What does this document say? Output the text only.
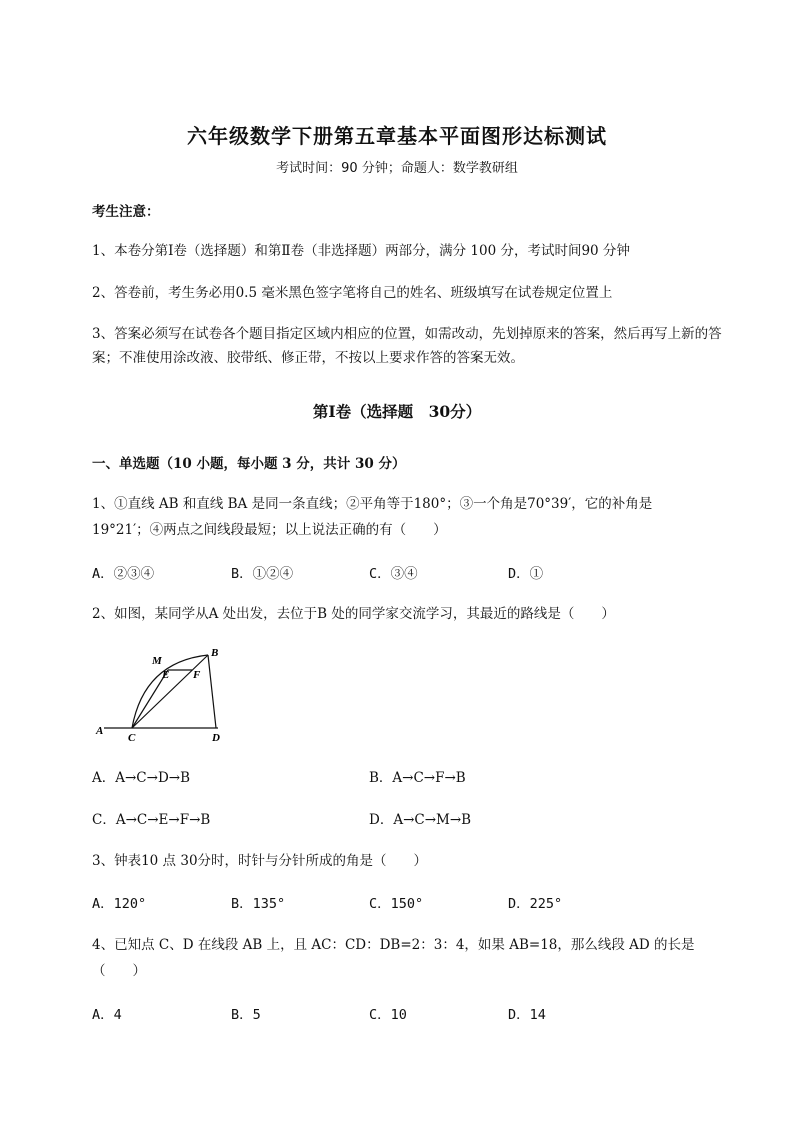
六年级数学下册第五章基本平面图形达标测试
考试时间：90 分钟；命题人：数学教研组
考生注意：
1、本卷分第Ⅰ卷（选择题）和第Ⅱ卷（非选择题）两部分，满分 100 分，考试时间90 分钟
2、答卷前，考生务必用0.5 毫米黑色签字笔将自己的姓名、班级填写在试卷规定位置上
3、答案必须写在试卷各个题目指定区域内相应的位置，如需改动，先划掉原来的答案，然后再写上新的答案；不准使用涂改液、胶带纸、修正带，不按以上要求作答的答案无效。
第Ⅰ卷（选择题　30分）
一、单选题（10 小题，每小题 3 分，共计 30 分）
1、①直线 AB 和直线 BA 是同一条直线；②平角等于180°；③一个角是70°39′，它的补角是
19°21′；④两点之间线段最短；以上说法正确的有（　　）
A．②③④	B．①②④	C．③④	D．①
2、如图，某同学从A 处出发，去位于B 处的同学家交流学习，其最近的路线是（　　）
M
E F
B
A
C	D
A．A→C→D→B	B．A→C→F→B
C．A→C→E→F→B	D．A→C→M→B
3、钟表10 点 30分时，时针与分针所成的角是（　　）
A．120°	B．135°	C．150°	D．225°
4、已知点 C、D 在线段 AB 上，且 AC：CD：DB=2：3：4，如果 AB=18，那么线段 AD 的长是
（　　）
A．4	B．5	C．10	D．14
